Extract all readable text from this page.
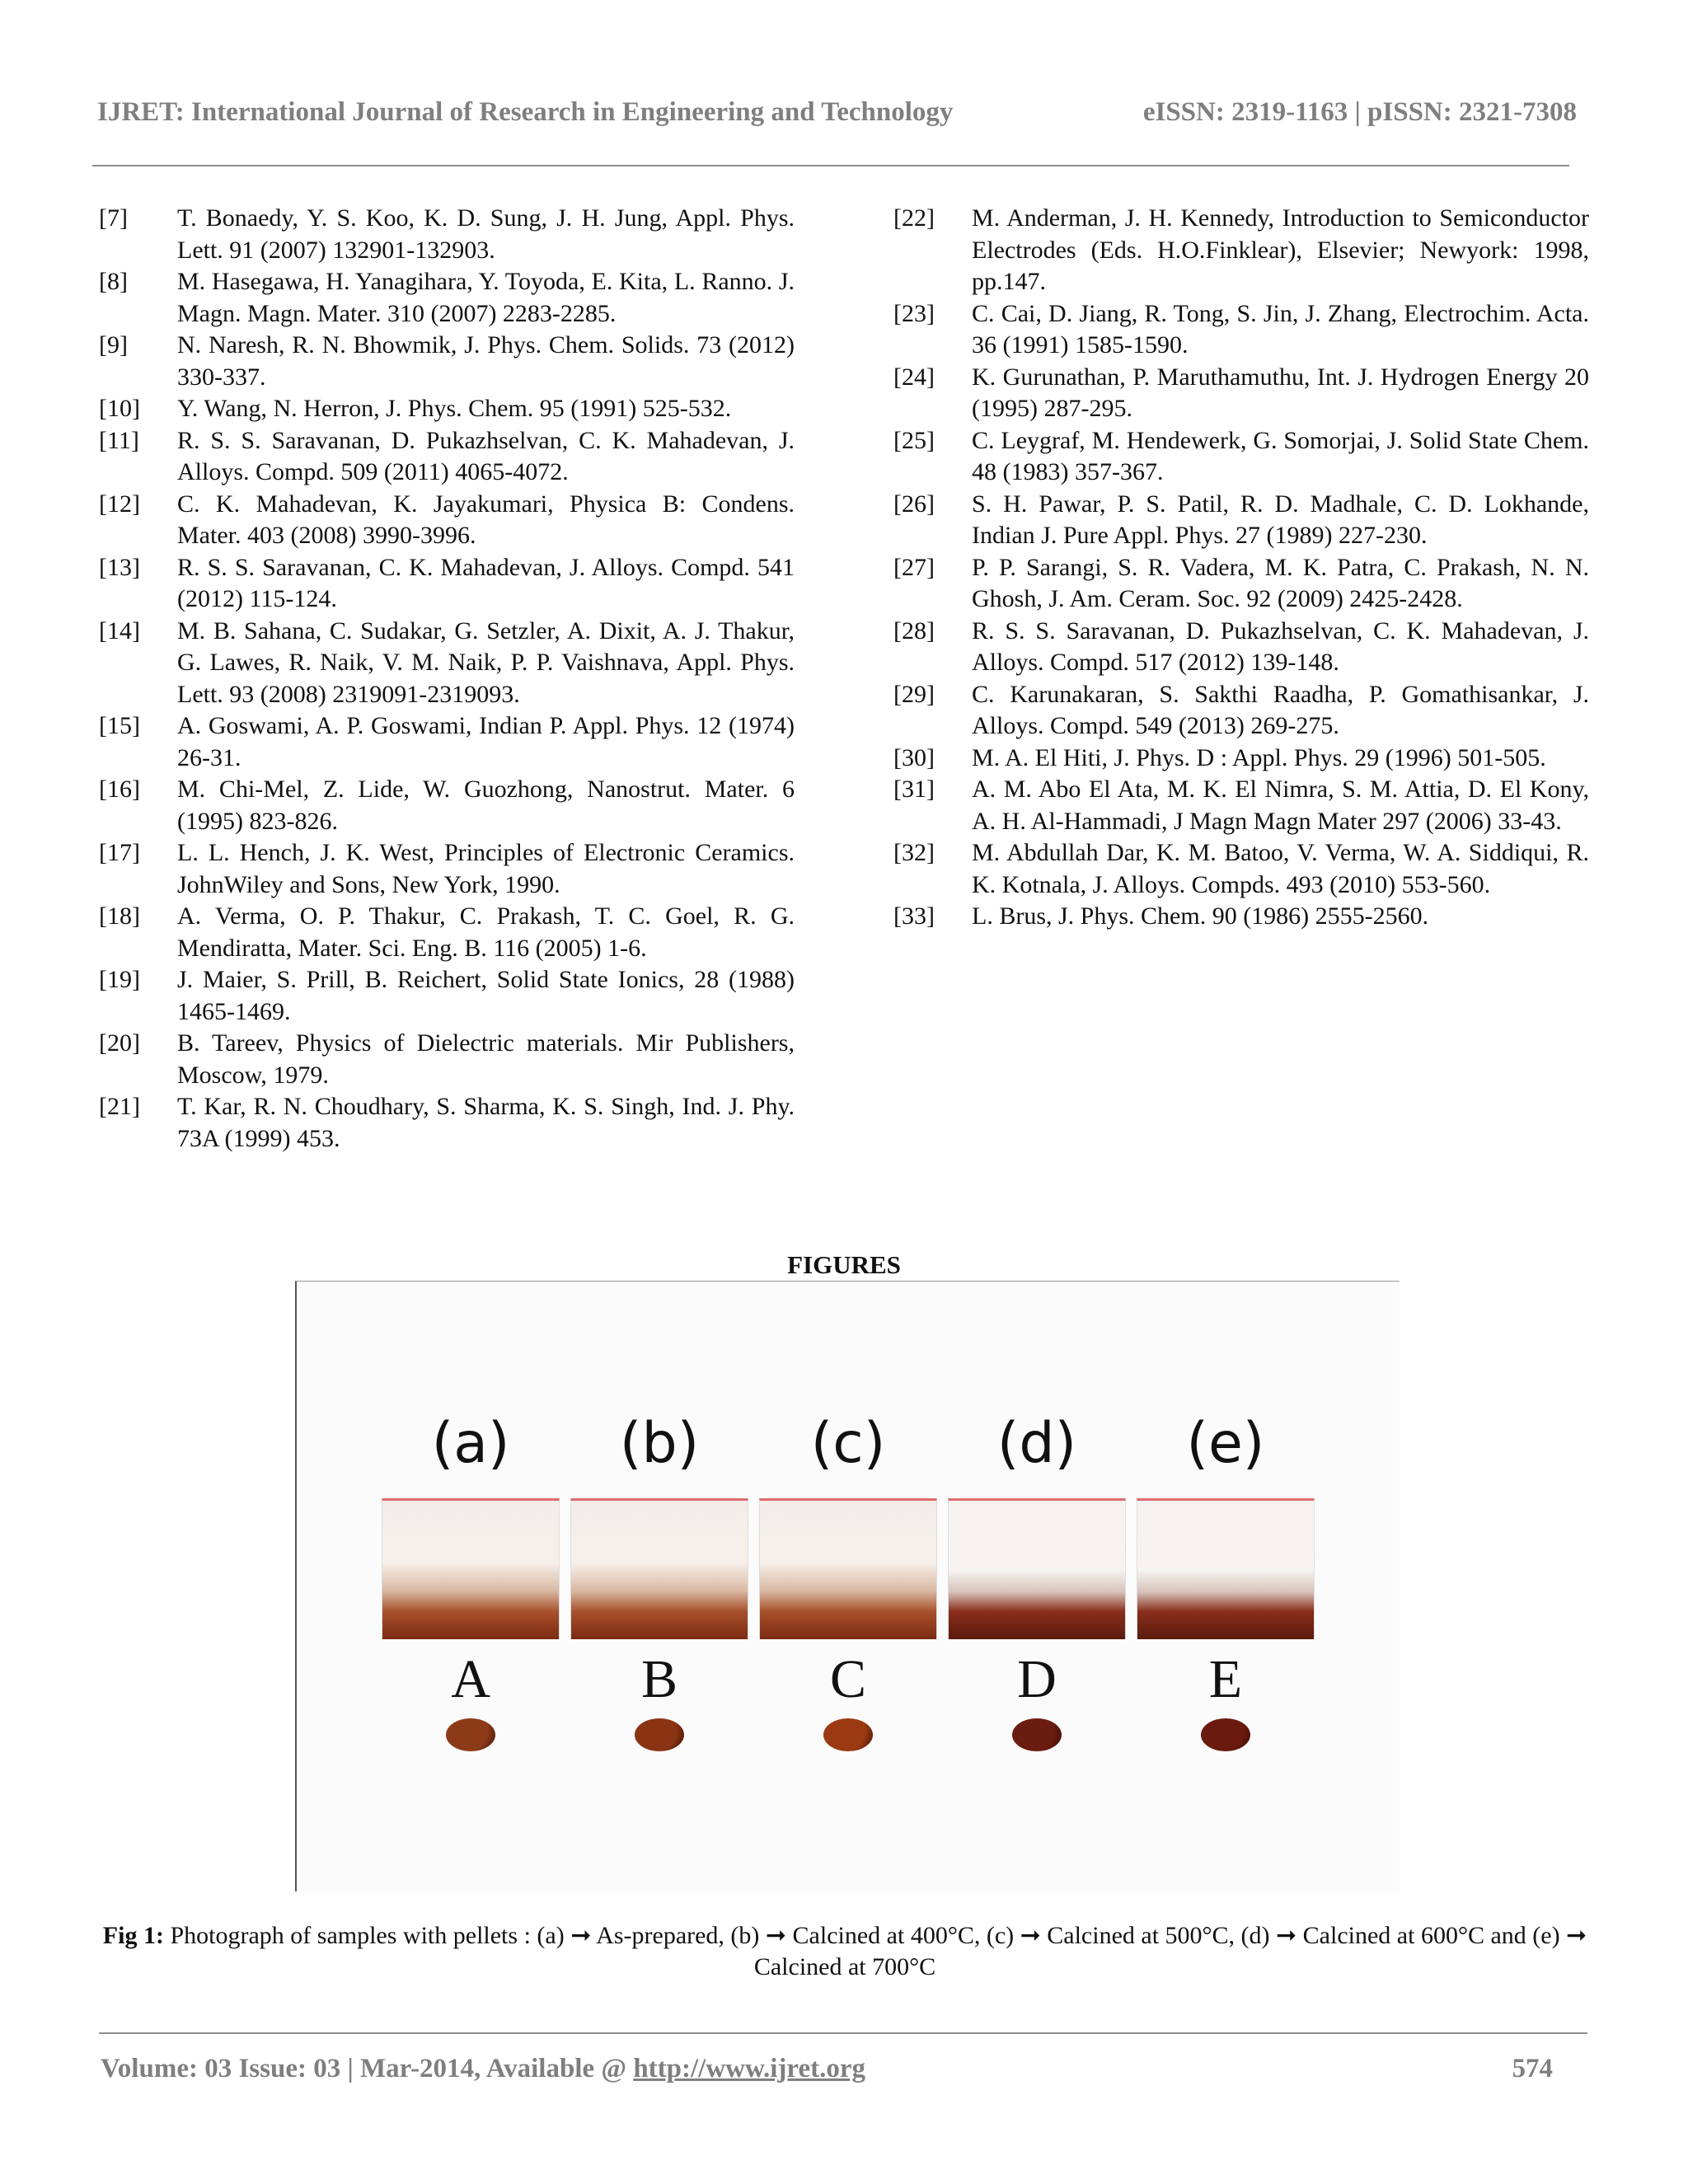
IJRET: International Journal of Research in Engineering and Technology	eISSN: 2319-1163 | pISSN: 2321-7308
[7] T. Bonaedy, Y. S. Koo, K. D. Sung, J. H. Jung, Appl. Phys. Lett. 91 (2007) 132901-132903.
[8] M. Hasegawa, H. Yanagihara, Y. Toyoda, E. Kita, L. Ranno. J. Magn. Magn. Mater. 310 (2007) 2283-2285.
[9] N. Naresh, R. N. Bhowmik, J. Phys. Chem. Solids. 73 (2012) 330-337.
[10] Y. Wang, N. Herron, J. Phys. Chem. 95 (1991) 525-532.
[11] R. S. S. Saravanan, D. Pukazhselvan, C. K. Mahadevan, J. Alloys. Compd. 509 (2011) 4065-4072.
[12] C. K. Mahadevan, K. Jayakumari, Physica B: Condens. Mater. 403 (2008) 3990-3996.
[13] R. S. S. Saravanan, C. K. Mahadevan, J. Alloys. Compd. 541 (2012) 115-124.
[14] M. B. Sahana, C. Sudakar, G. Setzler, A. Dixit, A. J. Thakur, G. Lawes, R. Naik, V. M. Naik, P. P. Vaishnava, Appl. Phys. Lett. 93 (2008) 2319091-2319093.
[15] A. Goswami, A. P. Goswami, Indian P. Appl. Phys. 12 (1974) 26-31.
[16] M. Chi-Mel, Z. Lide, W. Guozhong, Nanostrut. Mater. 6 (1995) 823-826.
[17] L. L. Hench, J. K. West, Principles of Electronic Ceramics. JohnWiley and Sons, New York, 1990.
[18] A. Verma, O. P. Thakur, C. Prakash, T. C. Goel, R. G. Mendiratta, Mater. Sci. Eng. B. 116 (2005) 1-6.
[19] J. Maier, S. Prill, B. Reichert, Solid State Ionics, 28 (1988) 1465-1469.
[20] B. Tareev, Physics of Dielectric materials. Mir Publishers, Moscow, 1979.
[21] T. Kar, R. N. Choudhary, S. Sharma, K. S. Singh, Ind. J. Phy. 73A (1999) 453.
[22] M. Anderman, J. H. Kennedy, Introduction to Semiconductor Electrodes (Eds. H.O.Finklear), Elsevier; Newyork: 1998, pp.147.
[23] C. Cai, D. Jiang, R. Tong, S. Jin, J. Zhang, Electrochim. Acta. 36 (1991) 1585-1590.
[24] K. Gurunathan, P. Maruthamuthu, Int. J. Hydrogen Energy 20 (1995) 287-295.
[25] C. Leygraf, M. Hendewerk, G. Somorjai, J. Solid State Chem. 48 (1983) 357-367.
[26] S. H. Pawar, P. S. Patil, R. D. Madhale, C. D. Lokhande, Indian J. Pure Appl. Phys. 27 (1989) 227-230.
[27] P. P. Sarangi, S. R. Vadera, M. K. Patra, C. Prakash, N. N. Ghosh, J. Am. Ceram. Soc. 92 (2009) 2425-2428.
[28] R. S. S. Saravanan, D. Pukazhselvan, C. K. Mahadevan, J. Alloys. Compd. 517 (2012) 139-148.
[29] C. Karunakaran, S. Sakthi Raadha, P. Gomathisankar, J. Alloys. Compd. 549 (2013) 269-275.
[30] M. A. El Hiti, J. Phys. D : Appl. Phys. 29 (1996) 501-505.
[31] A. M. Abo El Ata, M. K. El Nimra, S. M. Attia, D. El Kony, A. H. Al-Hammadi, J Magn Magn Mater 297 (2006) 33-43.
[32] M. Abdullah Dar, K. M. Batoo, V. Verma, W. A. Siddiqui, R. K. Kotnala, J. Alloys. Compds. 493 (2010) 553-560.
[33] L. Brus, J. Phys. Chem. 90 (1986) 2555-2560.
FIGURES
(a)
A
(b)
B
(c)
C
(d)
D
(e)
E
Fig 1: Photograph of samples with pellets : (a) ➞ As-prepared, (b) ➞ Calcined at 400°C, (c) ➞ Calcined at 500°C, (d) ➞ Calcined at 600°C and (e) ➞ Calcined at 700°C
Volume: 03 Issue: 03 | Mar-2014, Available @ http://www.ijret.org	574
